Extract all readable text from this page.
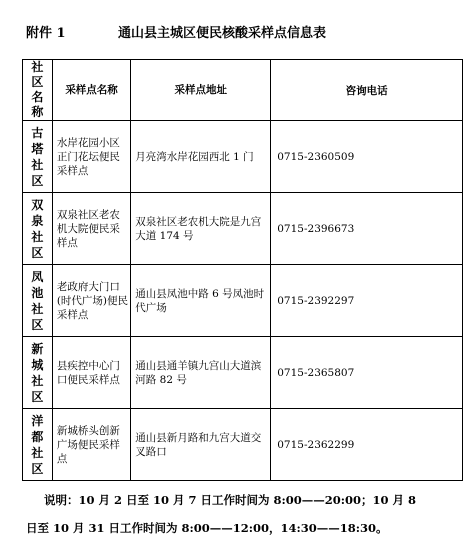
附件 1	通山县主城区便民核酸采样点信息表
社
区
名
称	采样点名称	采样点地址	咨询电话

古
塔
社
区	水岸花园小区正门花坛便民采样点	月亮湾水岸花园西北 1 门	0715-2360509

双
泉
社
区	双泉社区老农机大院便民采样点	双泉社区老农机大院是九宫大道 174 号	0715-2396673

凤
池
社
区	老政府大门口(时代广场)便民采样点	通山县凤池中路 6 号凤池时代广场	0715-2392297

新
城
社
区	县疾控中心门口便民采样点	通山县通羊镇九宫山大道滨河路 82 号	0715-2365807

洋
都
社
区	新城桥头创新广场便民采样点	通山县新月路和九宫大道交叉路口	0715-2362299
说明：10 月 2 日至 10 月 7 日工作时间为 8:00——20:00；10 月 8
日至 10 月 31 日工作时间为 8:00——12:00，14:30——18:30。
